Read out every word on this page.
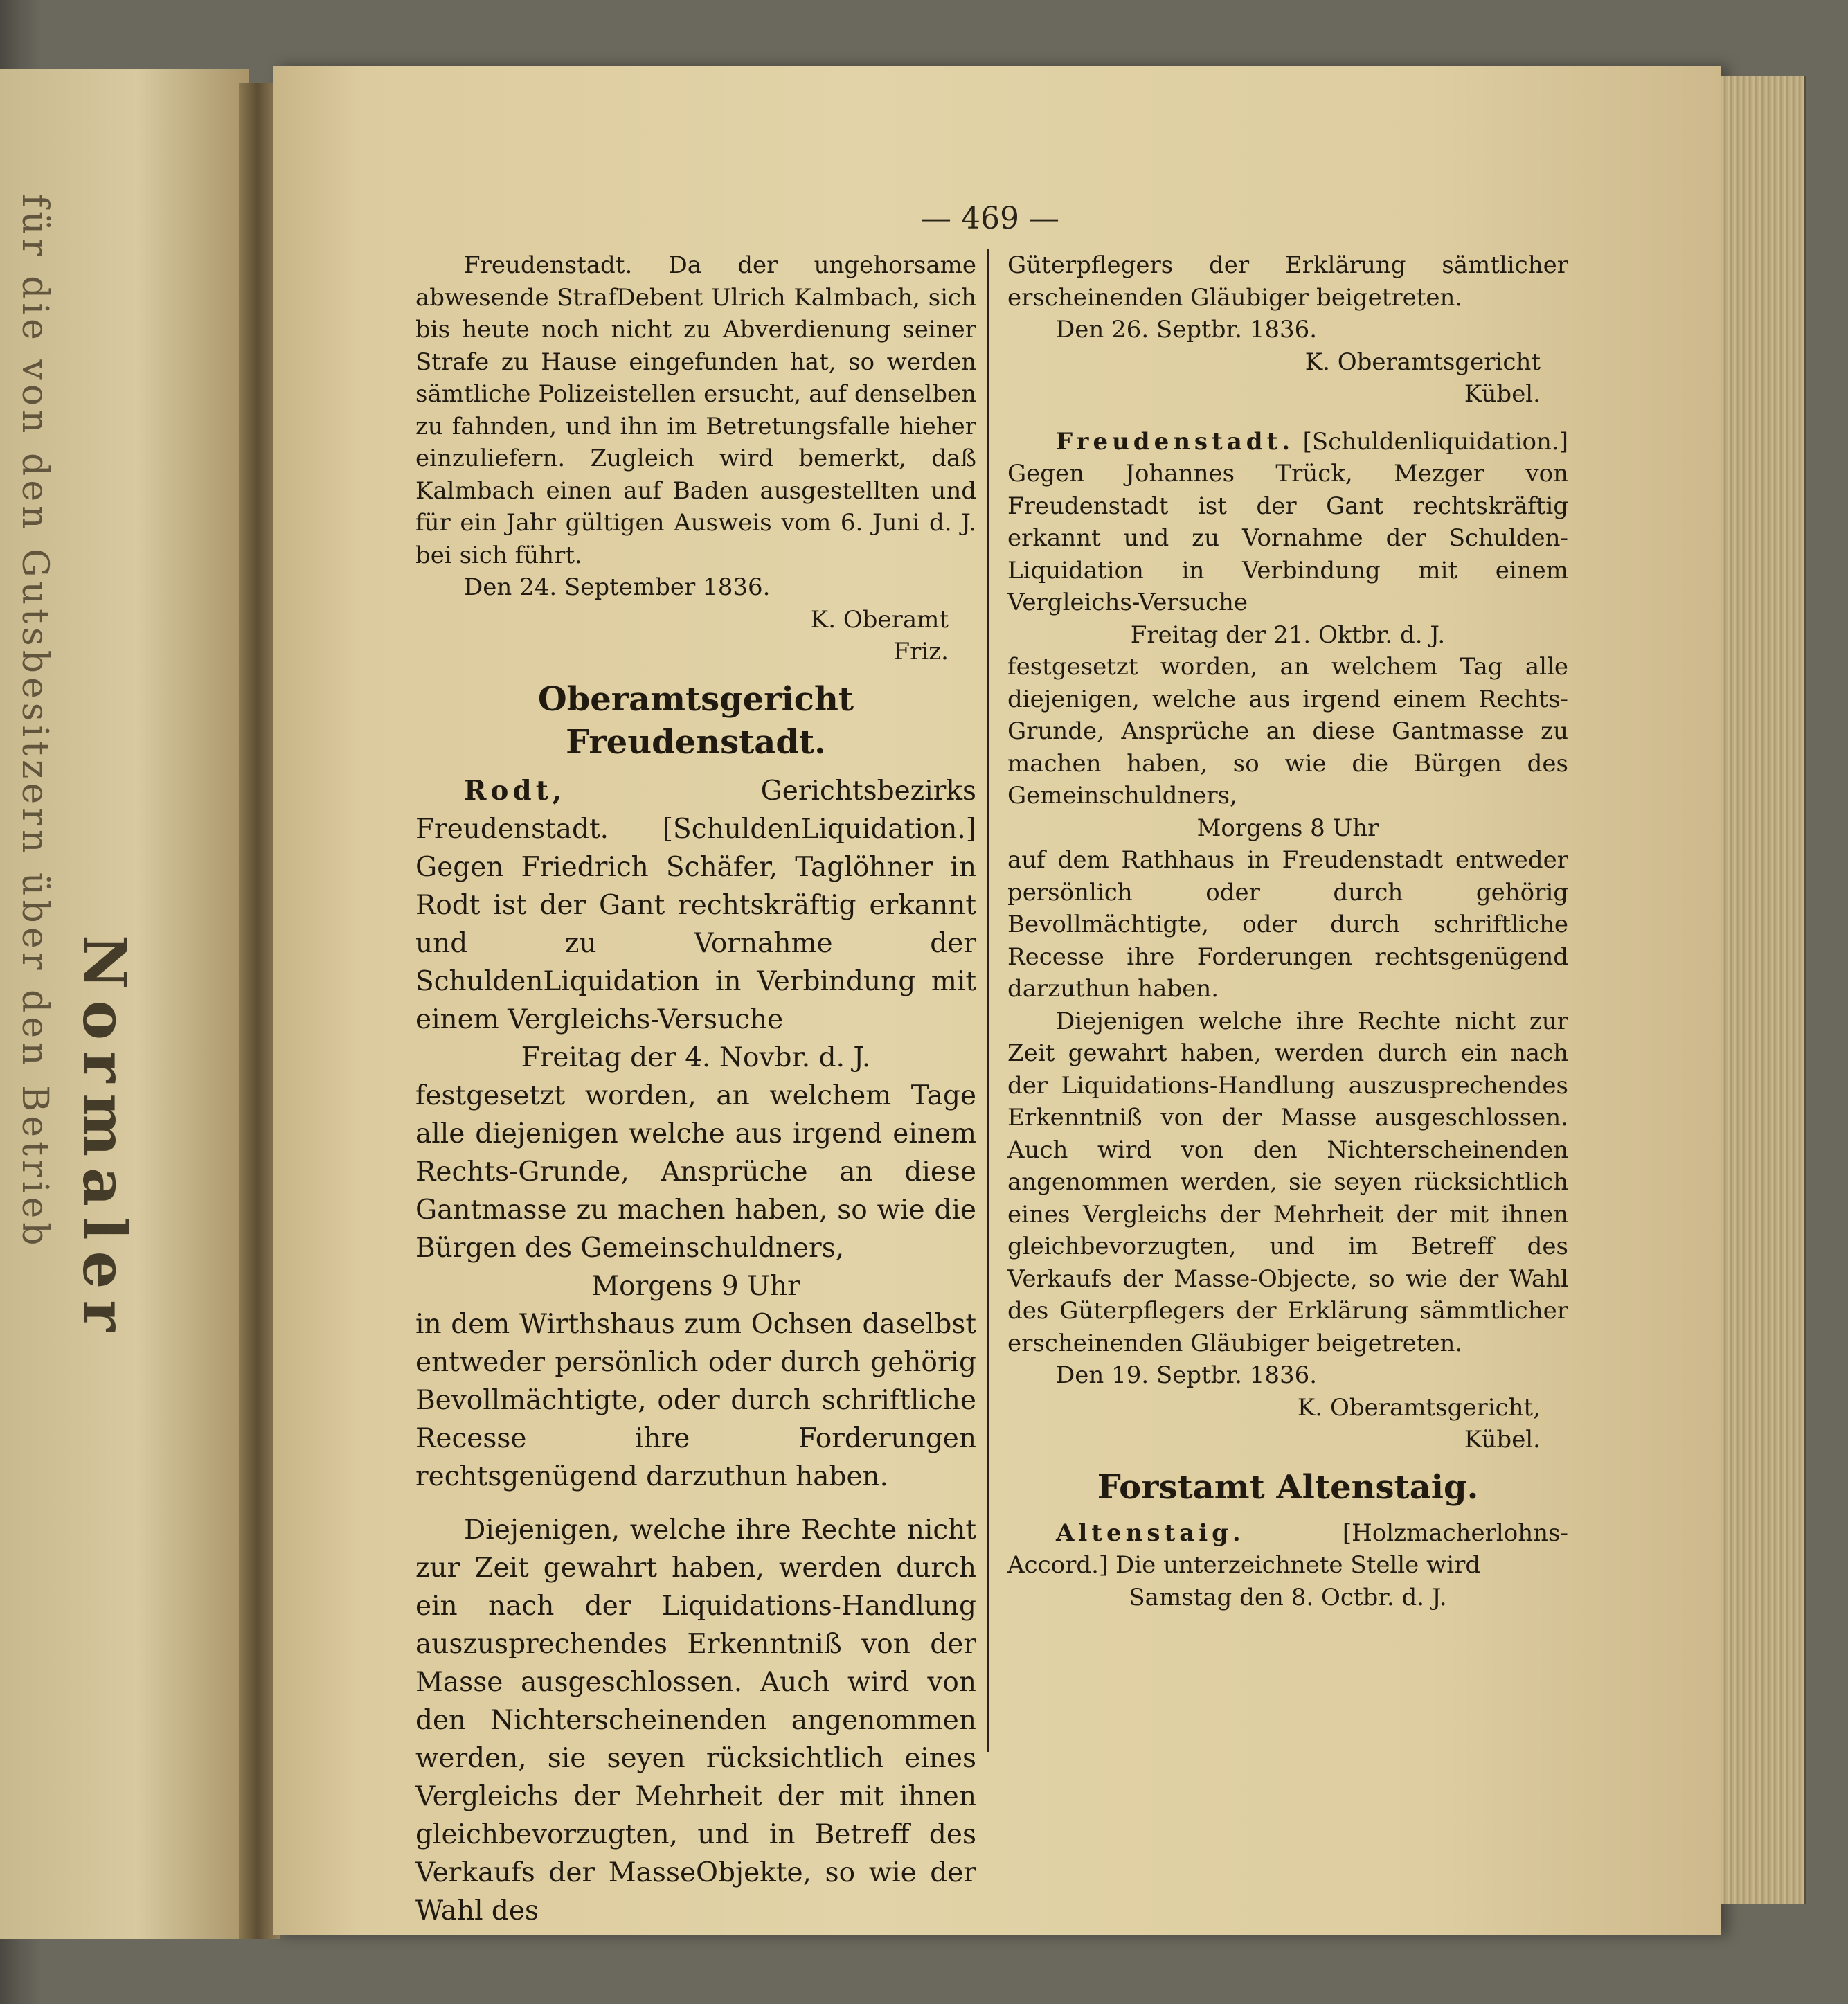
für die von den Gutsbesitzern über den Betrieb Normaler
— 469 —

Freudenstadt. Da der ungehorsame abwesende StrafDebent Ulrich Kalmbach, sich bis heute noch nicht zu Abverdienung seiner Strafe zu Hause eingefunden hat, so werden sämtliche Polizeistellen ersucht, auf denselben zu fahnden, und ihn im Betretungsfalle hieher einzuliefern. Zugleich wird bemerkt, daß Kalmbach einen auf Baden ausgestellten und für ein Jahr gültigen Ausweis vom 6. Juni d. J. bei sich führt.

Den 24. September 1836.

K. Oberamt

Friz.

Oberamtsgericht Freudenstadt.

Rodt,	Gerichtsbezirks Freudenstadt. [SchuldenLiquidation.] Gegen Friedrich Schäfer, Taglöhner in Rodt ist der Gant rechtskräftig erkannt und zu Vornahme der SchuldenLiquidation in Verbindung mit einem Vergleichs-Versuche

Freitag der 4. Novbr. d. J.

festgesetzt worden, an welchem Tage alle diejenigen welche aus irgend einem Rechts-Grunde, Ansprüche an diese Gantmasse zu machen haben, so wie die Bürgen des Gemeinschuldners,

Morgens 9 Uhr

in dem Wirthshaus zum Ochsen daselbst entweder persönlich oder durch gehörig Bevollmächtigte, oder durch schriftliche Recesse ihre Forderungen rechtsgenügend darzuthun haben.

Diejenigen, welche ihre Rechte nicht zur Zeit gewahrt haben, werden durch ein nach der Liquidations-Handlung auszusprechendes Erkenntniß von der Masse ausgeschlossen. Auch wird von den Nichterscheinenden angenommen werden, sie seyen rücksichtlich eines Vergleichs der Mehrheit der mit ihnen gleichbevorzugten, und in Betreff des Verkaufs der MasseObjekte, so wie der Wahl des

Güterpflegers der Erklärung sämtlicher erscheinenden Gläubiger beigetreten.

Den 26. Septbr. 1836.

K. Oberamtsgericht

Kübel.

Freudenstadt. [Schuldenliquidation.] Gegen Johannes Trück, Mezger von Freudenstadt ist der Gant rechtskräftig erkannt und zu Vornahme der Schulden-Liquidation in Verbindung mit einem Vergleichs-Versuche

Freitag der 21. Oktbr. d. J.

festgesetzt worden, an welchem Tag alle diejenigen, welche aus irgend einem Rechts-Grunde, Ansprüche an diese Gantmasse zu machen haben, so wie die Bürgen des Gemeinschuldners,

Morgens 8 Uhr

auf dem Rathhaus in Freudenstadt entweder persönlich oder durch gehörig Bevollmächtigte, oder durch schriftliche Recesse ihre Forderungen rechtsgenügend darzuthun haben.

Diejenigen welche ihre Rechte nicht zur Zeit gewahrt haben, werden durch ein nach der Liquidations-Handlung auszusprechendes Erkenntniß von der Masse ausgeschlossen. Auch wird von den Nichterscheinenden angenommen werden, sie seyen rücksichtlich eines Vergleichs der Mehrheit der mit ihnen gleichbevorzugten, und im Betreff des Verkaufs der Masse-Objecte, so wie der Wahl des Güterpflegers der Erklärung sämmtlicher erscheinenden Gläubiger beigetreten.

Den 19. Septbr. 1836.

K. Oberamtsgericht,

Kübel.

Forstamt Altenstaig.

Altenstaig.	[Holzmacherlohns-Accord.] Die unterzeichnete Stelle wird

Samstag den 8. Octbr. d. J.
